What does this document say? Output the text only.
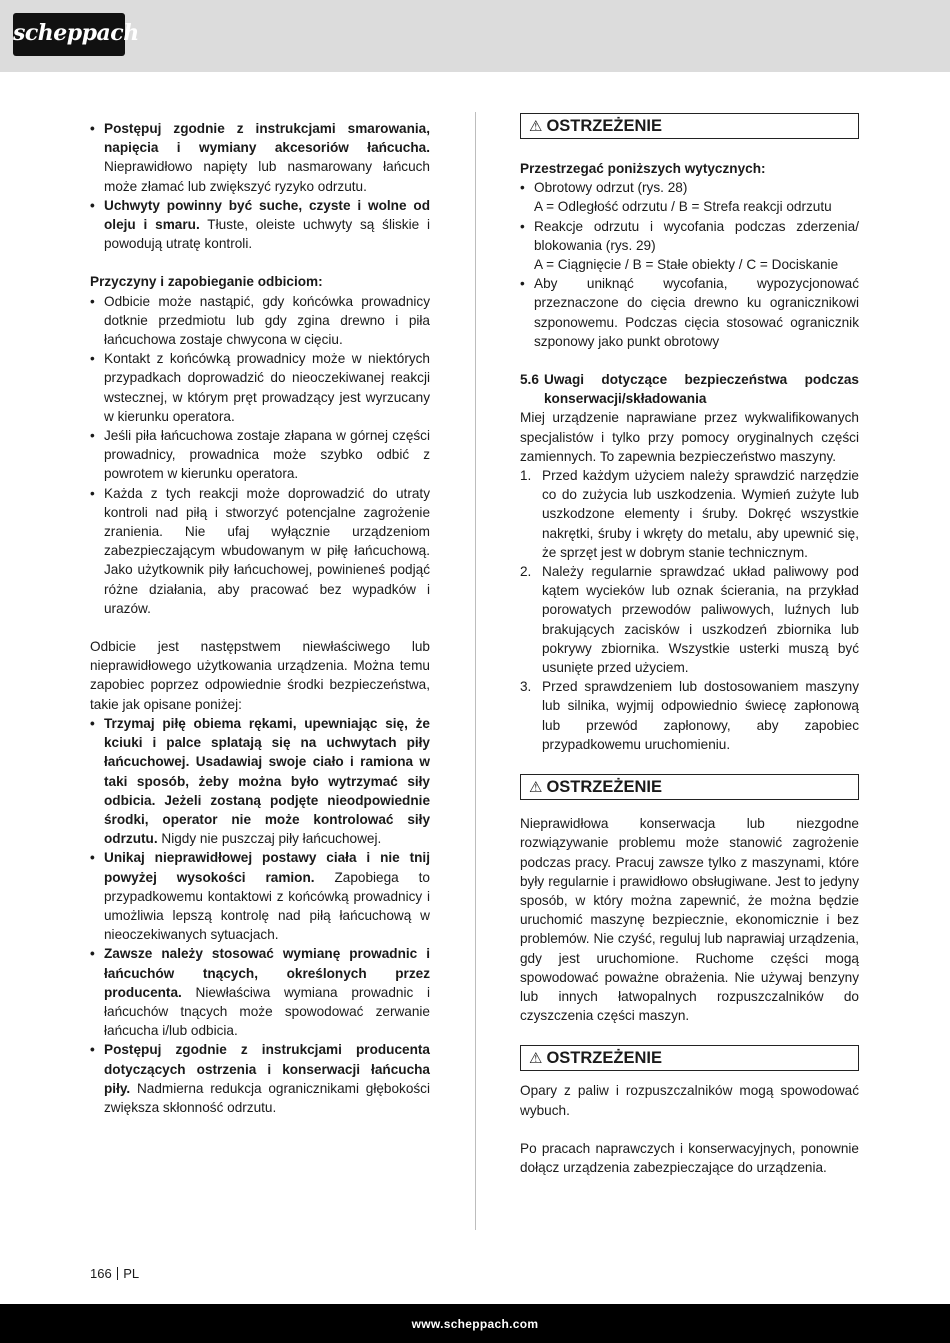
scheppach
• Postępuj zgodnie z instrukcjami smarowania, napięcia i wymiany akcesoriów łańcucha. Nieprawidłowo napięty lub nasmarowany łańcuch może złamać lub zwiększyć ryzyko odrzutu.
• Uchwyty powinny być suche, czyste i wolne od oleju i smaru. Tłuste, oleiste uchwyty są śliskie i powodują utratę kontroli.

Przyczyny i zapobieganie odbiciom:

• Odbicie może nastąpić, gdy końcówka prowadnicy dotknie przedmiotu lub gdy zgina drewno i piła łańcuchowa zostaje chwycona w cięciu.
• Kontakt z końcówką prowadnicy może w niektórych przypadkach doprowadzić do nieoczekiwanej reakcji wstecznej, w którym pręt prowadzący jest wyrzucany w kierunku operatora.
• Jeśli piła łańcuchowa zostaje złapana w górnej części prowadnicy, prowadnica może szybko odbić z powrotem w kierunku operatora.
• Każda z tych reakcji może doprowadzić do utraty kontroli nad piłą i stworzyć potencjalne zagrożenie zranienia. Nie ufaj wyłącznie urządzeniom zabezpieczającym wbudowanym w piłę łańcuchową. Jako użytkownik piły łańcuchowej, powinieneś podjąć różne działania, aby pracować bez wypadków i urazów.

Odbicie jest następstwem niewłaściwego lub nieprawidłowego użytkowania urządzenia. Można temu zapobiec poprzez odpowiednie środki bezpieczeństwa, takie jak opisane poniżej:

• Trzymaj piłę obiema rękami, upewniając się, że kciuki i palce splatają się na uchwytach piły łańcuchowej. Usadawiaj swoje ciało i ramiona w taki sposób, żeby można było wytrzymać siły odbicia. Jeżeli zostaną podjęte nieodpowiednie środki, operator nie może kontrolować siły odrzutu. Nigdy nie puszczaj piły łańcuchowej.
• Unikaj nieprawidłowej postawy ciała i nie tnij powyżej wysokości ramion. Zapobiega to przypadkowemu kontaktowi z końcówką prowadnicy i umożliwia lepszą kontrolę nad piłą łańcuchową w nieoczekiwanych sytuacjach.
• Zawsze należy stosować wymianę prowadnic i łańcuchów tnących, określonych przez producenta. Niewłaściwa wymiana prowadnic i łańcuchów tnących może spowodować zerwanie łańcucha i/lub odbicia.
• Postępuj zgodnie z instrukcjami producenta dotyczących ostrzenia i konserwacji łańcucha piły. Nadmierna redukcja ogranicznikami głębokości zwiększa skłonność odrzutu.
⚠ OSTRZEŻENIE

Przestrzegać poniższych wytycznych:

• Obrotowy odrzut (rys. 28)
A = Odległość odrzutu / B = Strefa reakcji odrzutu
• Reakcje odrzutu i wycofania podczas zderzenia/ blokowania (rys. 29)
A = Ciągnięcie / B = Stałe obiekty / C = Dociskanie
• Aby uniknąć wycofania, wypozycjonować przeznaczone do cięcia drewno ku ogranicznikowi szponowemu. Podczas cięcia stosować ogranicznik szponowy jako punkt obrotowy
5.6 Uwagi dotyczące bezpieczeństwa podczas konserwacji/składowania

Miej urządzenie naprawiane przez wykwalifikowanych specjalistów i tylko przy pomocy oryginalnych części zamiennych. To zapewnia bezpieczeństwo maszyny.

1. Przed każdym użyciem należy sprawdzić narzędzie co do zużycia lub uszkodzenia. Wymień zużyte lub uszkodzone elementy i śruby. Dokręć wszystkie nakrętki, śruby i wkręty do metalu, aby upewnić się, że sprzęt jest w dobrym stanie technicznym.
2. Należy regularnie sprawdzać układ paliwowy pod kątem wycieków lub oznak ścierania, na przykład porowatych przewodów paliwowych, luźnych lub brakujących zacisków i uszkodzeń zbiornika lub pokrywy zbiornika. Wszystkie usterki muszą być usunięte przed użyciem.
3. Przed sprawdzeniem lub dostosowaniem maszyny lub silnika, wyjmij odpowiednio świecę zapłonową lub przewód zapłonowy, aby zapobiec przypadkowemu uruchomieniu.
⚠ OSTRZEŻENIE

Nieprawidłowa konserwacja lub niezgodne rozwiązywanie problemu może stanowić zagrożenie podczas pracy. Pracuj zawsze tylko z maszynami, które były regularnie i prawidłowo obsługiwane. Jest to jedyny sposób, w który można zapewnić, że można będzie uruchomić maszynę bezpiecznie, ekonomicznie i bez problemów. Nie czyść, reguluj lub naprawiaj urządzenia, gdy jest uruchomione. Ruchome części mogą spowodować poważne obrażenia. Nie używaj benzyny lub innych łatwopalnych rozpuszczalników do czyszczenia części maszyn.

⚠ OSTRZEŻENIE

Opary z paliw i rozpuszczalników mogą spowodować wybuch.

Po pracach naprawczych i konserwacyjnych, ponownie dołącz urządzenia zabezpieczające do urządzenia.

166 PL
www.scheppach.com
